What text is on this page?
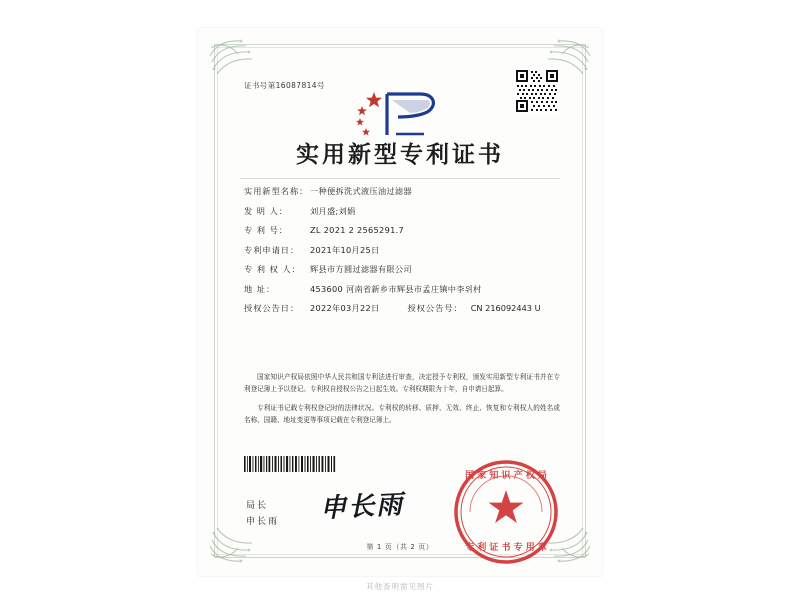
证书号第16087814号
实用新型专利证书
实用新型名称： 一种便拆洗式液压油过滤器
发 明 人：	刘月盛;刘娟
专 利 号：	ZL 2021 2 2565291.7
专利申请日：	2021年10月25日
专 利 权 人：	辉县市方圆过滤器有限公司
地 址：	453600 河南省新乡市辉县市孟庄镇中李위村
授权公告日：	2022年03月22日	授权公告号： CN 216092443 U

国家知识产权局依照中华人民共和国专利法进行审查，决定授予专利权，颁发实用新型专利证书并在专利登记簿上予以登记。专利权自授权公告之日起生效。专利权期限为十年，自申请日起算。

专利证书记载专利权登记时的法律状况。专利权的转移、质押、无效、终止、恢复和专利权人的姓名或名称、国籍、地址变更等事项记载在专利登记簿上。

局长
申长雨 申长雨
国 家 知 识 产 权 局
专 利 证 书 专 用 章
第 1 页（共 2 页）
其他查明需见图片
